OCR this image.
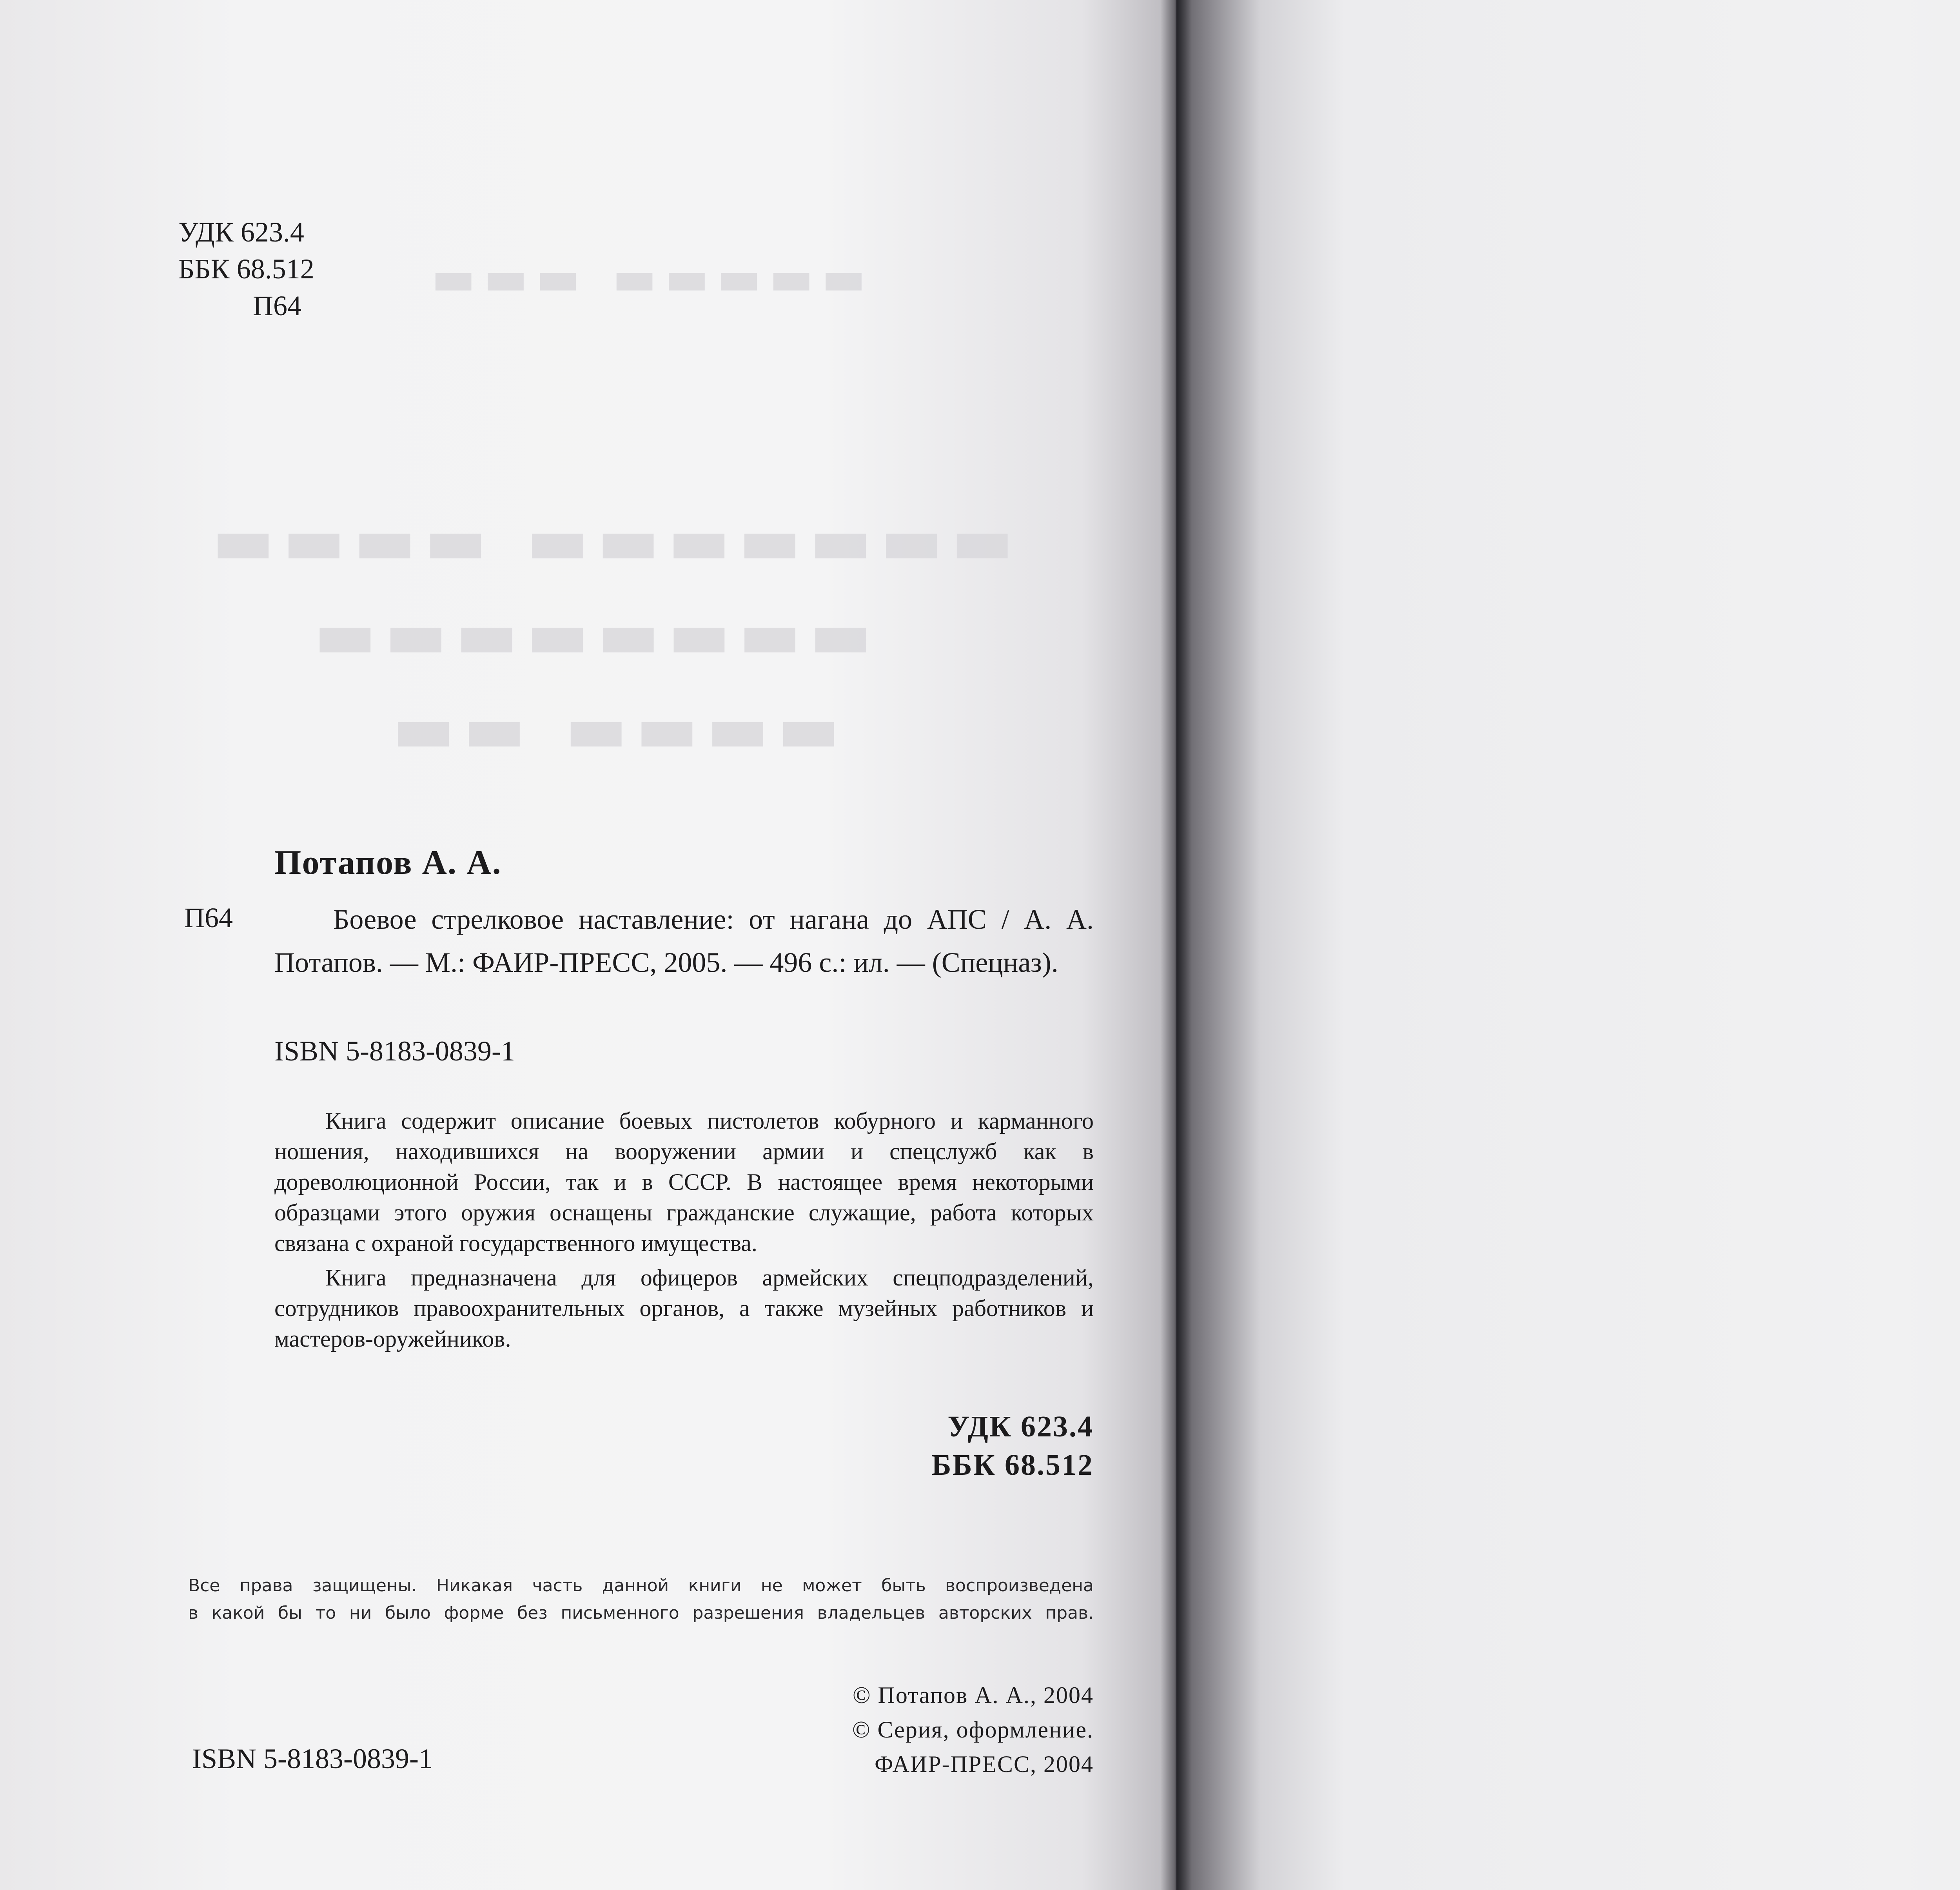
▬▬▬ ▬▬▬▬▬
▬▬▬▬ ▬▬▬▬▬▬▬
▬▬▬▬▬▬▬▬
▬▬ ▬▬▬▬
УДК 623.4
ББК 68.512
П64
Потапов А. А.
П64	Боевое стрелковое наставление: от нагана до АПС / А. А. Потапов. — М.: ФАИР-ПРЕСС, 2005. — 496 с.: ил. — (Спецназ).
ISBN 5-8183-0839-1

Книга содержит описание боевых пистолетов кобурного и карманного ношения, находившихся на вооружении армии и спецслужб как в дореволюционной России, так и в СССР. В настоящее время некоторыми образцами этого оружия оснащены гражданские служащие, работа которых связана с охраной государственного имущества.

Книга предназначена для офицеров армейских спецподразделений, сотрудников правоохранительных органов, а также музейных работников и мастеров-оружейников.

УДК 623.4
ББК 68.512
Все права защищены. Никакая часть данной книги не может быть воспроизведена
в какой бы то ни было форме без письменного разрешения владельцев авторских прав.
© Потапов А. А., 2004
© Серия, оформление.
ФАИР-ПРЕСС, 2004
ISBN 5-8183-0839-1
